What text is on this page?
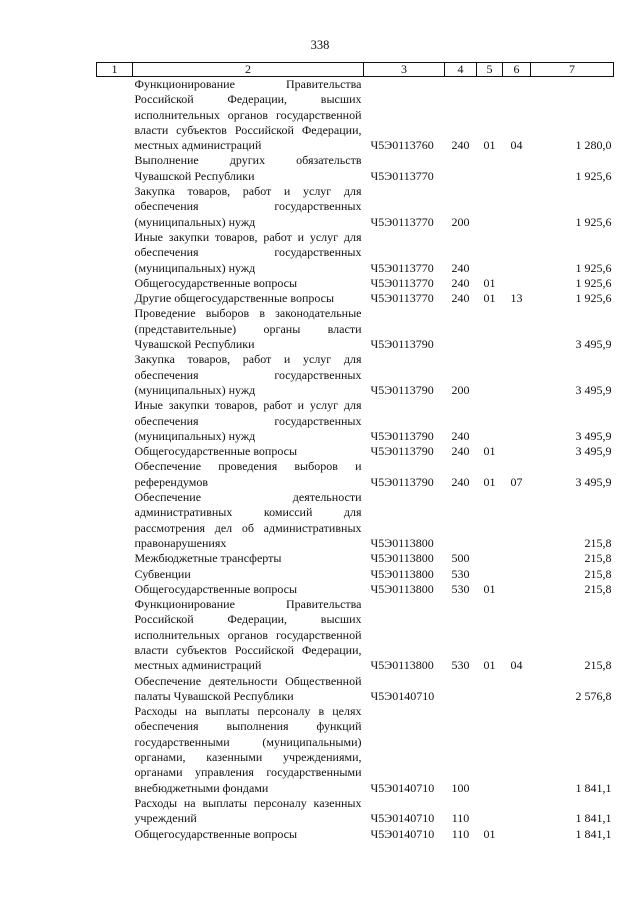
338
1	2	3	4	5	6	7
	Функционирование Правительства Российской Федерации, высших исполнительных органов государственной власти субъектов Российской Федерации, местных администраций	Ч5Э0113760	240	01	04	1 280,0
	Выполнение других обязательств Чувашской Республики	Ч5Э0113770				1 925,6
	Закупка товаров, работ и услуг для обеспечения государственных (муниципальных) нужд	Ч5Э0113770	200			1 925,6
	Иные закупки товаров, работ и услуг для обеспечения государственных (муниципальных) нужд	Ч5Э0113770	240			1 925,6
	Общегосударственные вопросы	Ч5Э0113770	240	01		1 925,6
	Другие общегосударственные вопросы	Ч5Э0113770	240	01	13	1 925,6
	Проведение выборов в законодательные (представительные) органы власти Чувашской Республики	Ч5Э0113790				3 495,9
	Закупка товаров, работ и услуг для обеспечения государственных (муниципальных) нужд	Ч5Э0113790	200			3 495,9
	Иные закупки товаров, работ и услуг для обеспечения государственных (муниципальных) нужд	Ч5Э0113790	240			3 495,9
	Общегосударственные вопросы	Ч5Э0113790	240	01		3 495,9
	Обеспечение проведения выборов и референдумов	Ч5Э0113790	240	01	07	3 495,9
	Обеспечение деятельности административных комиссий для рассмотрения дел об административных правонарушениях	Ч5Э0113800				215,8
	Межбюджетные трансферты	Ч5Э0113800	500			215,8
	Субвенции	Ч5Э0113800	530			215,8
	Общегосударственные вопросы	Ч5Э0113800	530	01		215,8
	Функционирование Правительства Российской Федерации, высших исполнительных органов государственной власти субъектов Российской Федерации, местных администраций	Ч5Э0113800	530	01	04	215,8
	Обеспечение деятельности Общественной палаты Чувашской Республики	Ч5Э0140710				2 576,8
	Расходы на выплаты персоналу в целях обеспечения выполнения функций государственными (муниципальными) органами, казенными учреждениями, органами управления государственными внебюджетными фондами	Ч5Э0140710	100			1 841,1
	Расходы на выплаты персоналу казенных учреждений	Ч5Э0140710	110			1 841,1
	Общегосударственные вопросы	Ч5Э0140710	110	01		1 841,1
